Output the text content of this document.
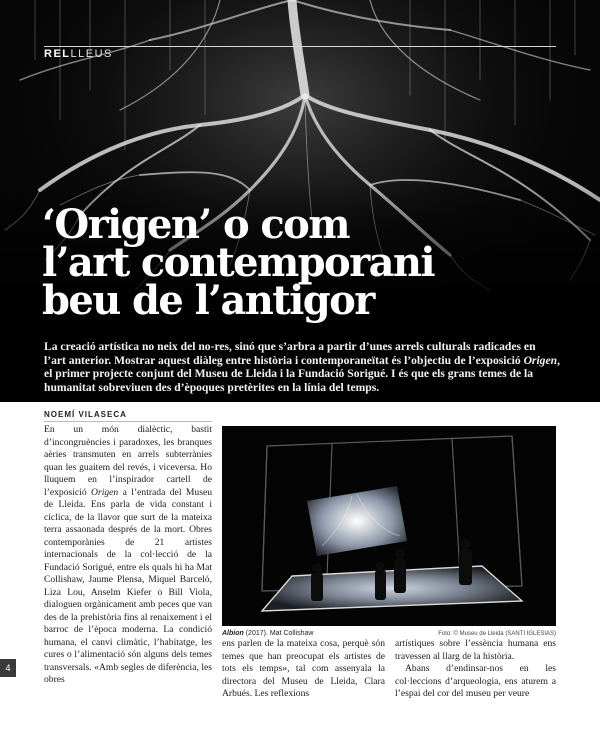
RELLLEUS
‘Origen’ o com
l’art contemporani
beu de l’antigor

La creació artística no neix del no-res, sinó que s’arbra a partir d’unes arrels culturals radicades en l’art anterior. Mostrar aquest diàleg entre història i contemporaneïtat és l’objectiu de l’exposició Origen, el primer projecte conjunt del Museu de Lleida i la Fundació Sorigué. I és que els grans temes de la humanitat sobreviuen des d’èpoques pretèrites en la línia del temps.

NOEMÍ VILASECA

En un món dialèctic, bastit d’incongruències i paradoxes, les branques aèries transmuten en arrels subterrànies quan les guaitem del revés, i viceversa. Ho lluquem en l’inspirador cartell de l’exposició Origen a l’entrada del Museu de Lleida. Ens parla de vida constant i cíclica, de la llavor que surt de la mateixa terra assaonada després de la mort. Obres contemporànies de 21 artistes internacionals de la col·lecció de la Fundació Sorigué, entre els quals hi ha Mat Collishaw, Jaume Plensa, Miquel Barceló, Liza Lou, Anselm Kiefer o Bill Viola, dialoguen orgànicament amb peces que van des de la prehistòria fins al renaixement i el barroc de l’època moderna. La condició humana, el canvi climàtic, l’habitatge, les cures o l’alimentació són alguns dels temes transversals. «Amb segles de diferència, les obres

Albion (2017). Mat Collishaw	Foto: © Museu de Lleida (SANTI IGLESIAS)

ens parlen de la mateixa cosa, perquè són temes que han preocupat els artistes de tots els temps», tal com assenyala la directora del Museu de Lleida, Clara Arbués. Les reflexions

artístiques sobre l’essència humana ens travessen al llarg de la història.

Abans d’endinsar-nos en les col·leccions d’arqueologia, ens aturem a l’espai del cor del museu per veure

4
